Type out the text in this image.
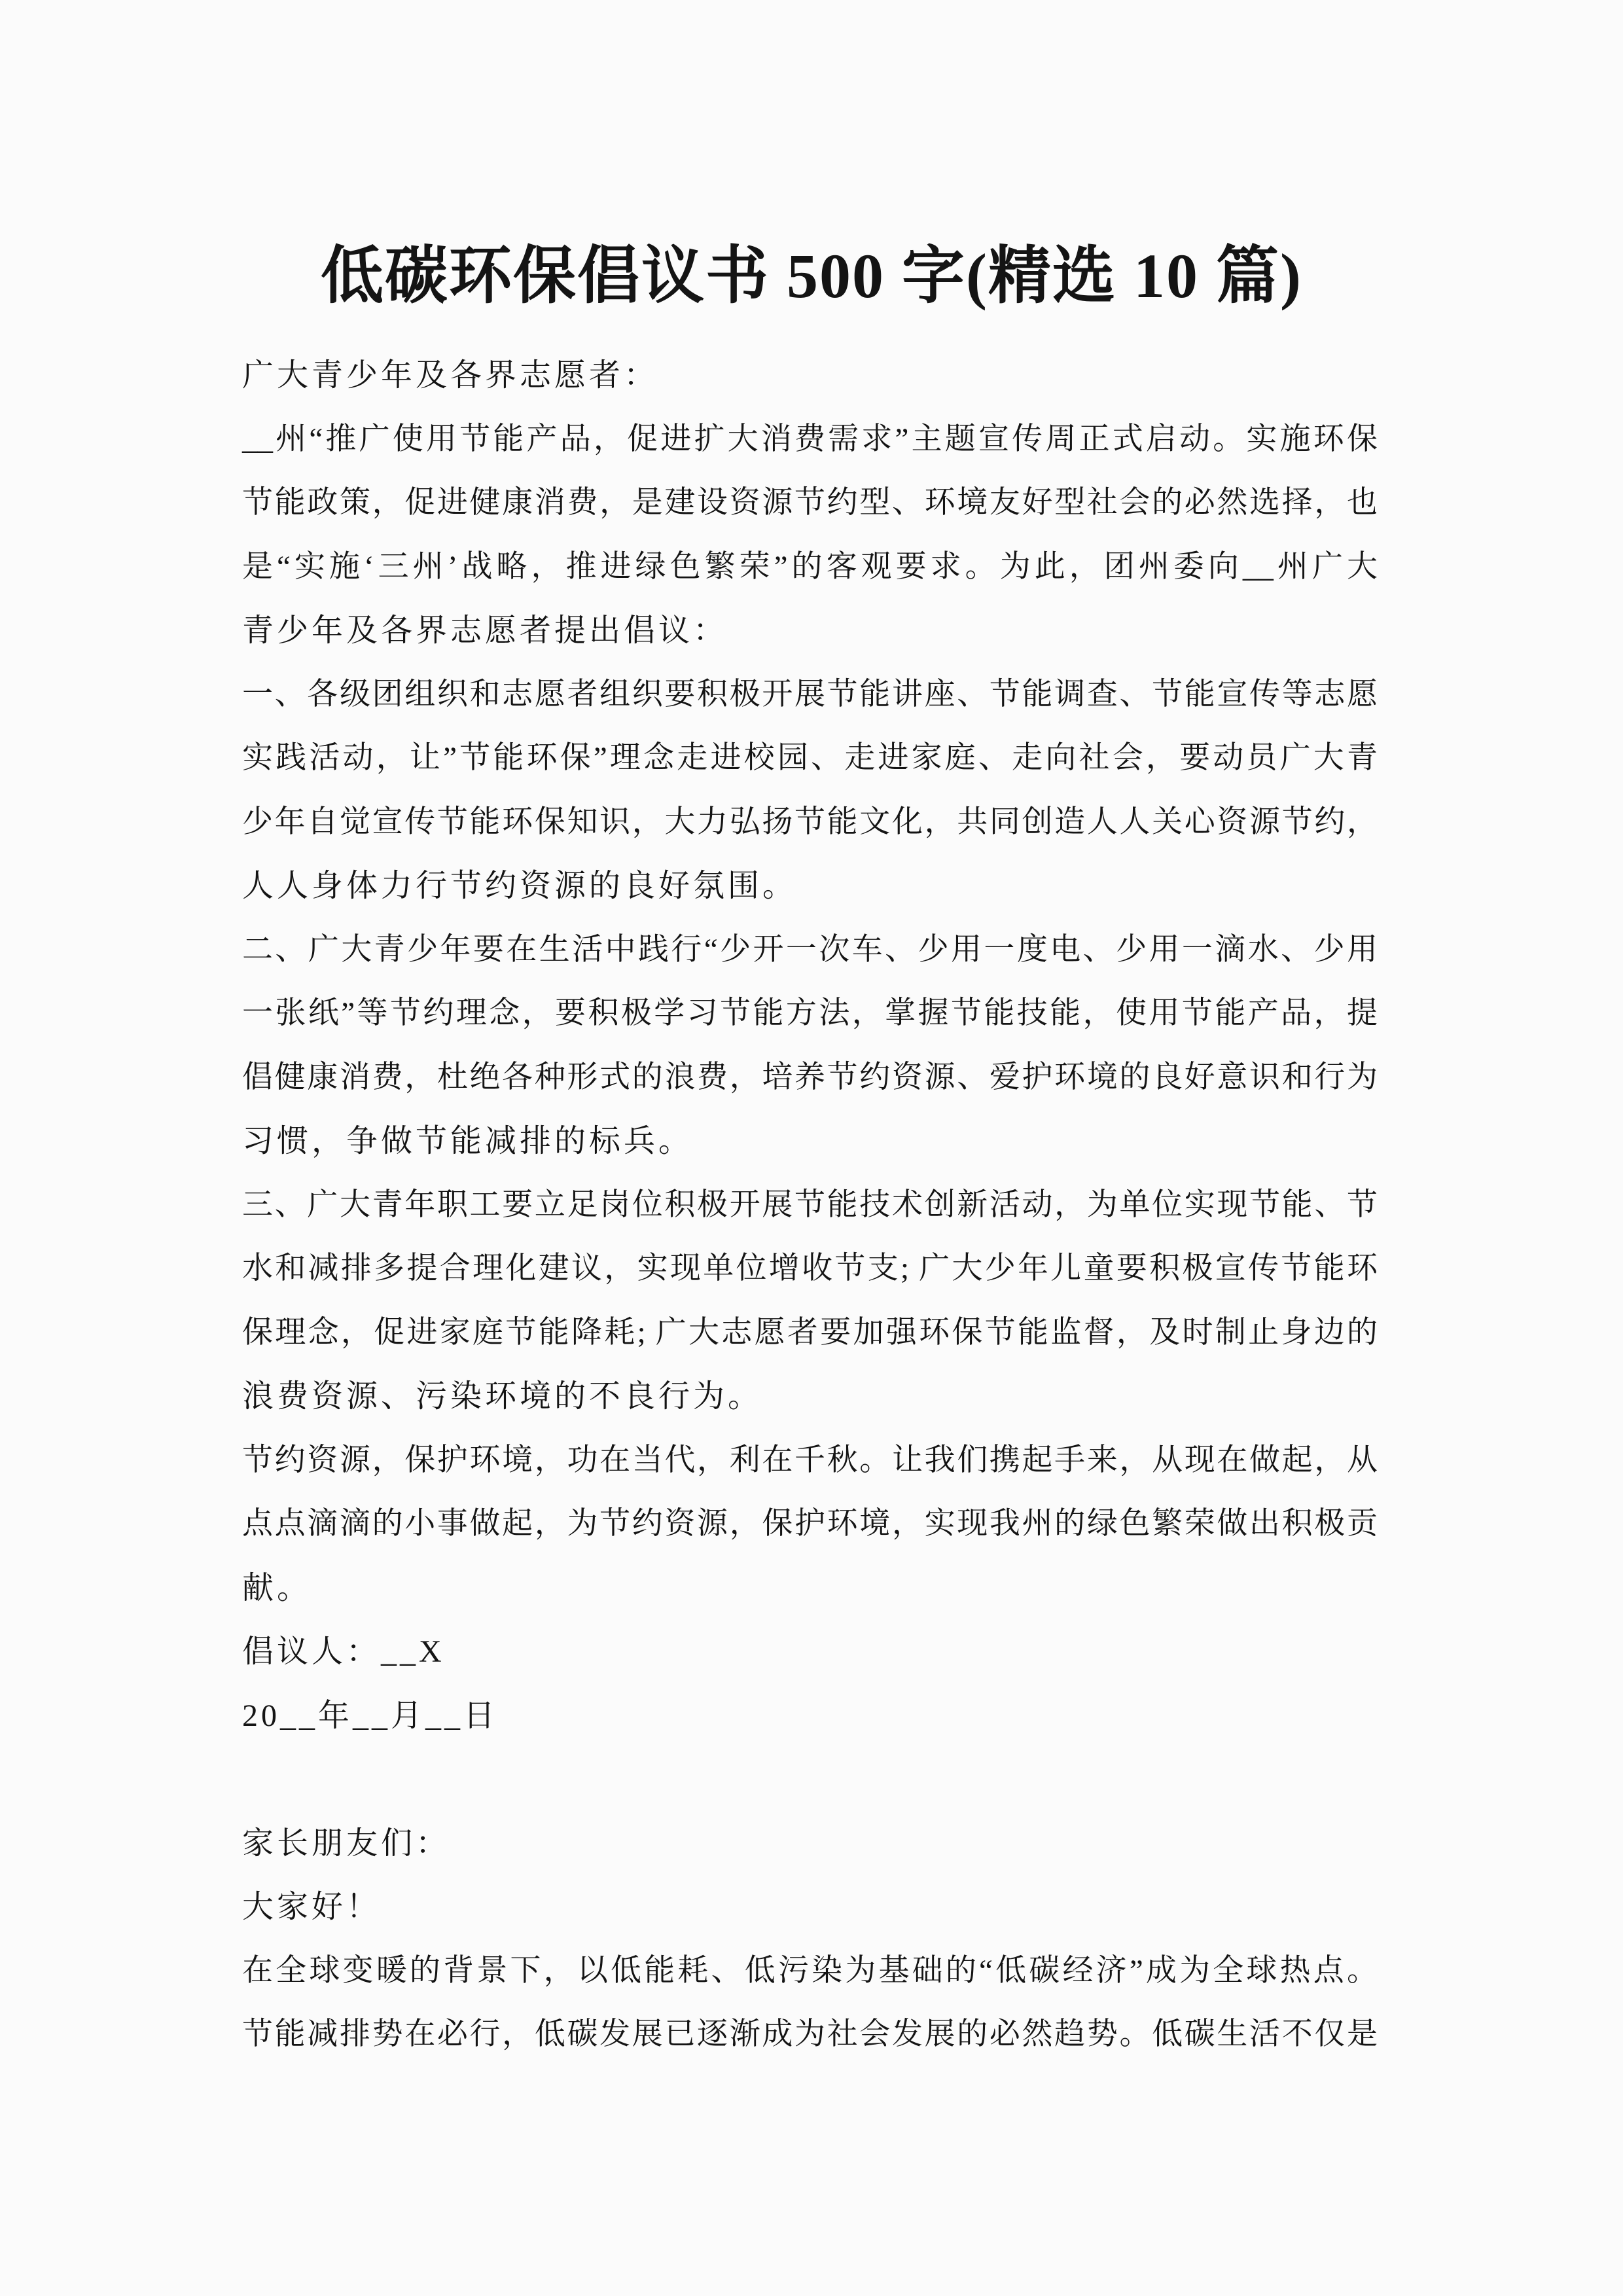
低碳环保倡议书 500 字(精选 10 篇)
广大青少年及各界志愿者：
__州“推广使用节能产品，促进扩大消费需求”主题宣传周正式启动。实施环保
节能政策，促进健康消费，是建设资源节约型、环境友好型社会的必然选择，也
是“实施‘三州’战略，推进绿色繁荣”的客观要求。为此，团州委向__州广大
青少年及各界志愿者提出倡议：
一、各级团组织和志愿者组织要积极开展节能讲座、节能调查、节能宣传等志愿
实践活动，让”节能环保”理念走进校园、走进家庭、走向社会，要动员广大青
少年自觉宣传节能环保知识，大力弘扬节能文化，共同创造人人关心资源节约，
人人身体力行节约资源的良好氛围。
二、广大青少年要在生活中践行“少开一次车、少用一度电、少用一滴水、少用
一张纸”等节约理念，要积极学习节能方法，掌握节能技能，使用节能产品，提
倡健康消费，杜绝各种形式的浪费，培养节约资源、爱护环境的良好意识和行为
习惯，争做节能减排的标兵。
三、广大青年职工要立足岗位积极开展节能技术创新活动，为单位实现节能、节
水和减排多提合理化建议，实现单位增收节支; 广大少年儿童要积极宣传节能环
保理念，促进家庭节能降耗; 广大志愿者要加强环保节能监督，及时制止身边的
浪费资源、污染环境的不良行为。
节约资源，保护环境，功在当代，利在千秋。让我们携起手来，从现在做起，从
点点滴滴的小事做起，为节约资源，保护环境，实现我州的绿色繁荣做出积极贡
献。
倡议人：__X
20__年__月__日
家长朋友们：
大家好！
在全球变暖的背景下，以低能耗、低污染为基础的“低碳经济”成为全球热点。
节能减排势在必行，低碳发展已逐渐成为社会发展的必然趋势。低碳生活不仅是
